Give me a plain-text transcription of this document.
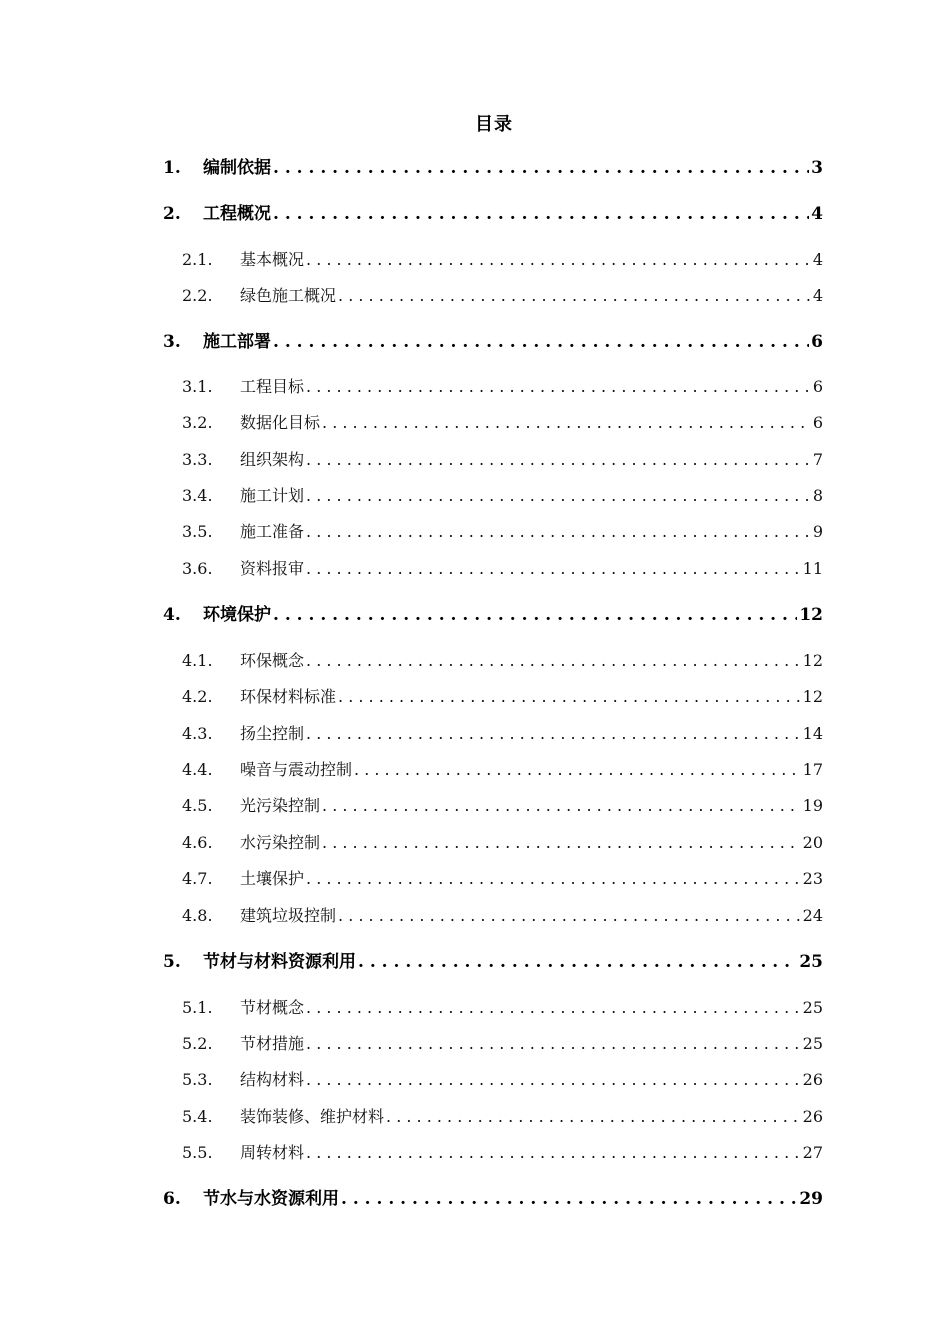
目录
1.	编制依据 . . .	3
2.	工程概况 . . .	4
2.1.	基本概况 . . .	4
2.2.	绿色施工概况 . . .	4
3.	施工部署 . . .	6
3.1.	工程目标 . . .	6
3.2.	数据化目标 . . .	6
3.3.	组织架构 . . .	7
3.4.	施工计划 . . .	8
3.5.	施工准备 . . .	9
3.6.	资料报审 . . .	11
4.	环境保护 . . .	12
4.1.	环保概念 . . .	12
4.2.	环保材料标准 . . .	12
4.3.	扬尘控制 . . .	14
4.4.	噪音与震动控制 . . .	17
4.5.	光污染控制 . . .	19
4.6.	水污染控制 . . .	20
4.7.	土壤保护 . . .	23
4.8.	建筑垃圾控制 . . .	24
5.	节材与材料资源利用 . . .	25
5.1.	节材概念 . . .	25
5.2.	节材措施 . . .	25
5.3.	结构材料 . . .	26
5.4.	装饰装修、维护材料 . . .	26
5.5.	周转材料 . . .	27
6.	节水与水资源利用 . . .	29
